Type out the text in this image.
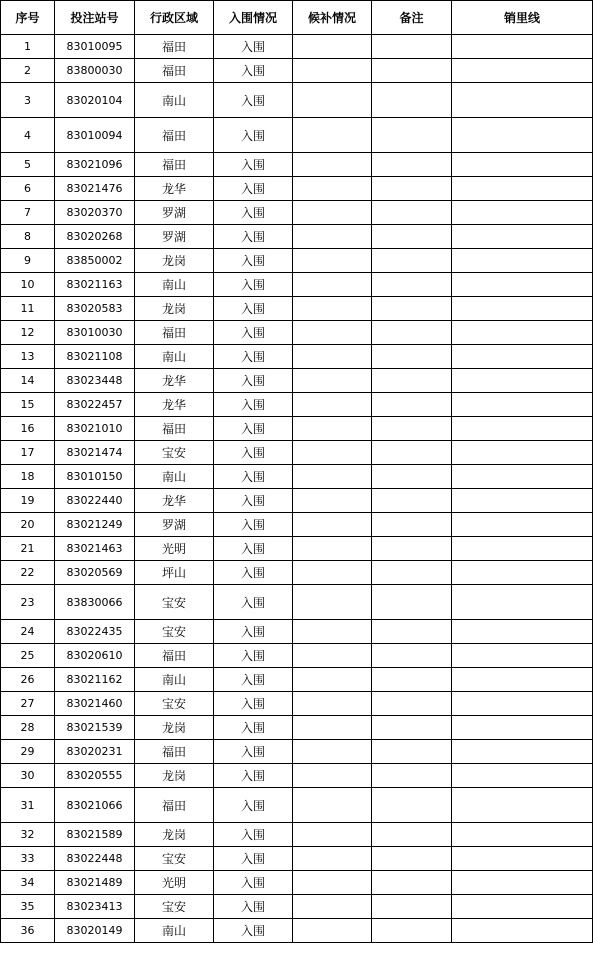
序号	投注站号	行政区域	入围情况	候补情况	备注	销里线
1	83010095	福田	入围			
2	83800030	福田	入围			
3	83020104	南山	入围			
4	83010094	福田	入围			
5	83021096	福田	入围			
6	83021476	龙华	入围			
7	83020370	罗湖	入围			
8	83020268	罗湖	入围			
9	83850002	龙岗	入围			
10	83021163	南山	入围			
11	83020583	龙岗	入围			
12	83010030	福田	入围			
13	83021108	南山	入围			
14	83023448	龙华	入围			
15	83022457	龙华	入围			
16	83021010	福田	入围			
17	83021474	宝安	入围			
18	83010150	南山	入围			
19	83022440	龙华	入围			
20	83021249	罗湖	入围			
21	83021463	光明	入围			
22	83020569	坪山	入围			
23	83830066	宝安	入围			
24	83022435	宝安	入围			
25	83020610	福田	入围			
26	83021162	南山	入围			
27	83021460	宝安	入围			
28	83021539	龙岗	入围			
29	83020231	福田	入围			
30	83020555	龙岗	入围			
31	83021066	福田	入围			
32	83021589	龙岗	入围			
33	83022448	宝安	入围			
34	83021489	光明	入围			
35	83023413	宝安	入围			
36	83020149	南山	入围			
